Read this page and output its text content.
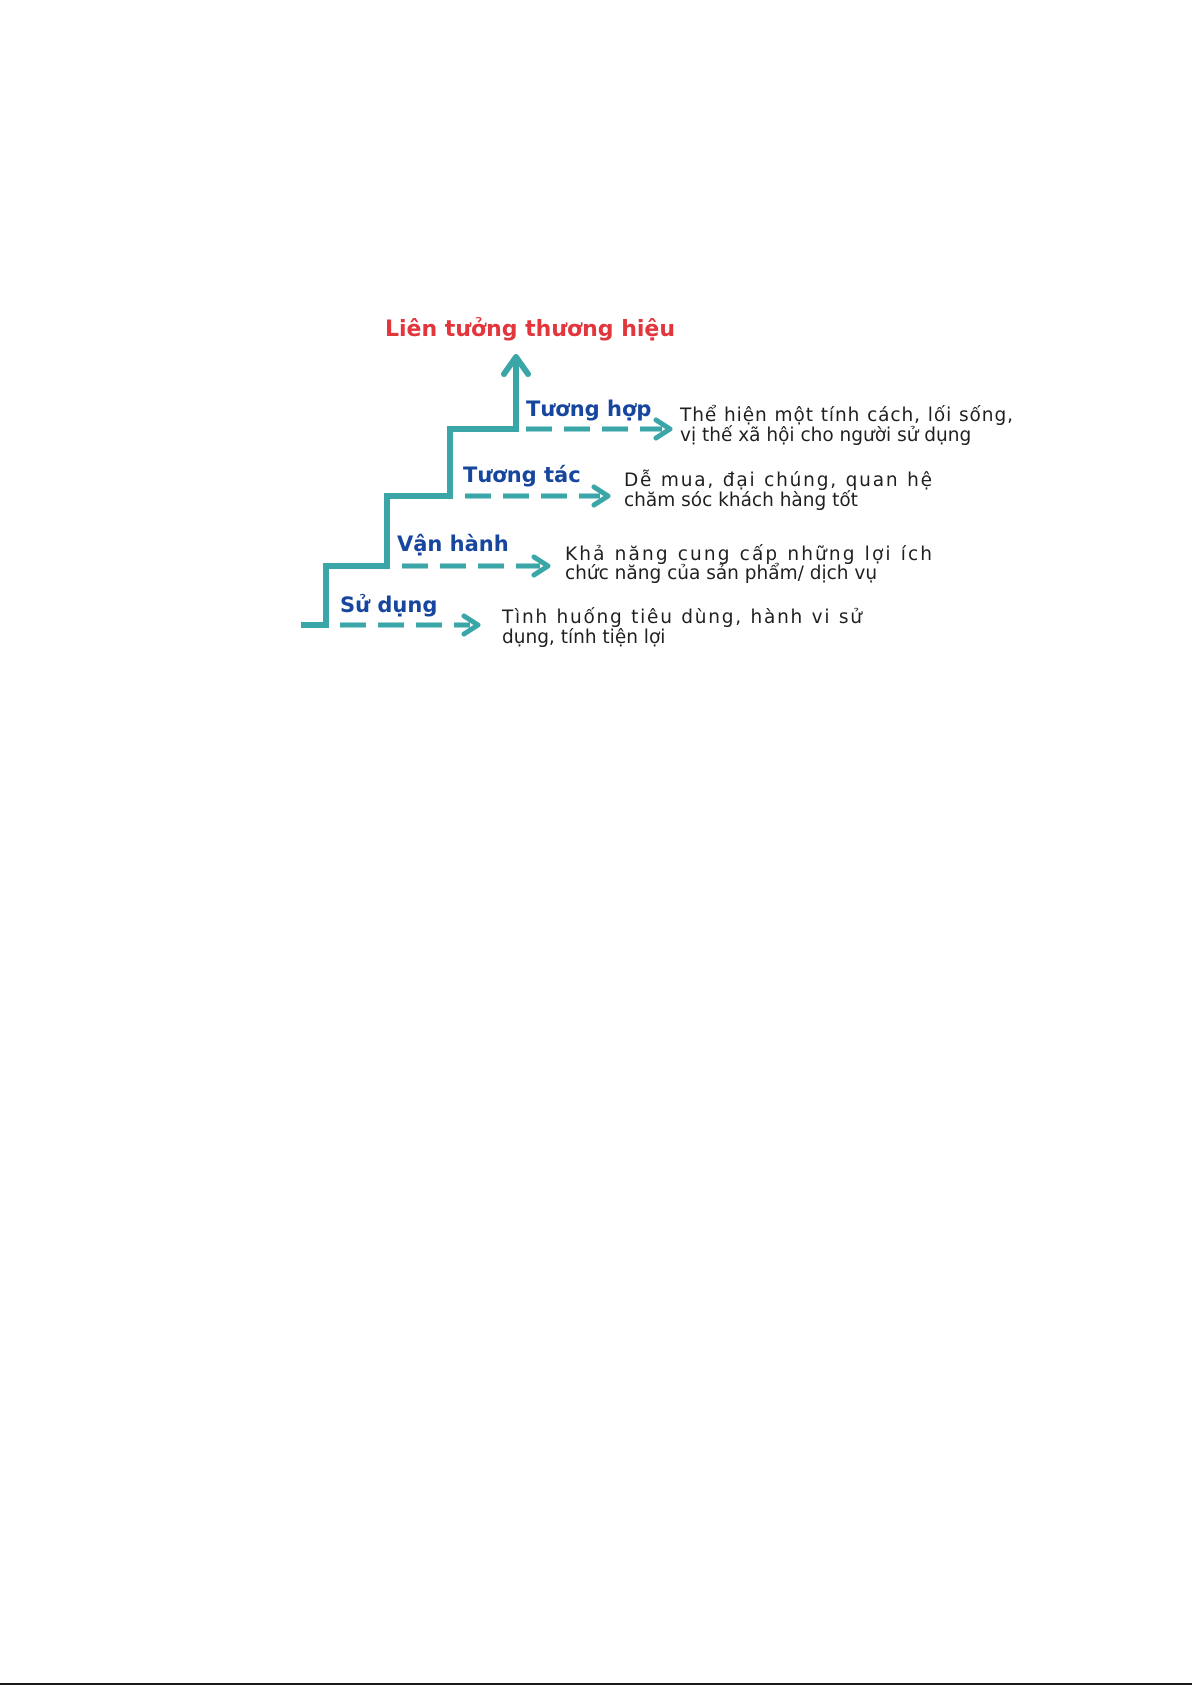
Liên tưởng thương hiệu
Sử dụng
Vận hành
Tương tác
Tương hợp
Tình huống tiêu dùng, hành vi sử
dụng, tính tiện lợi
Khả năng cung cấp những lợi ích
chức năng của sản phẩm/ dịch vụ
Dễ mua, đại chúng, quan hệ
chăm sóc khách hàng tốt
Thể hiện một tính cách, lối sống,
vị thế xã hội cho người sử dụng
